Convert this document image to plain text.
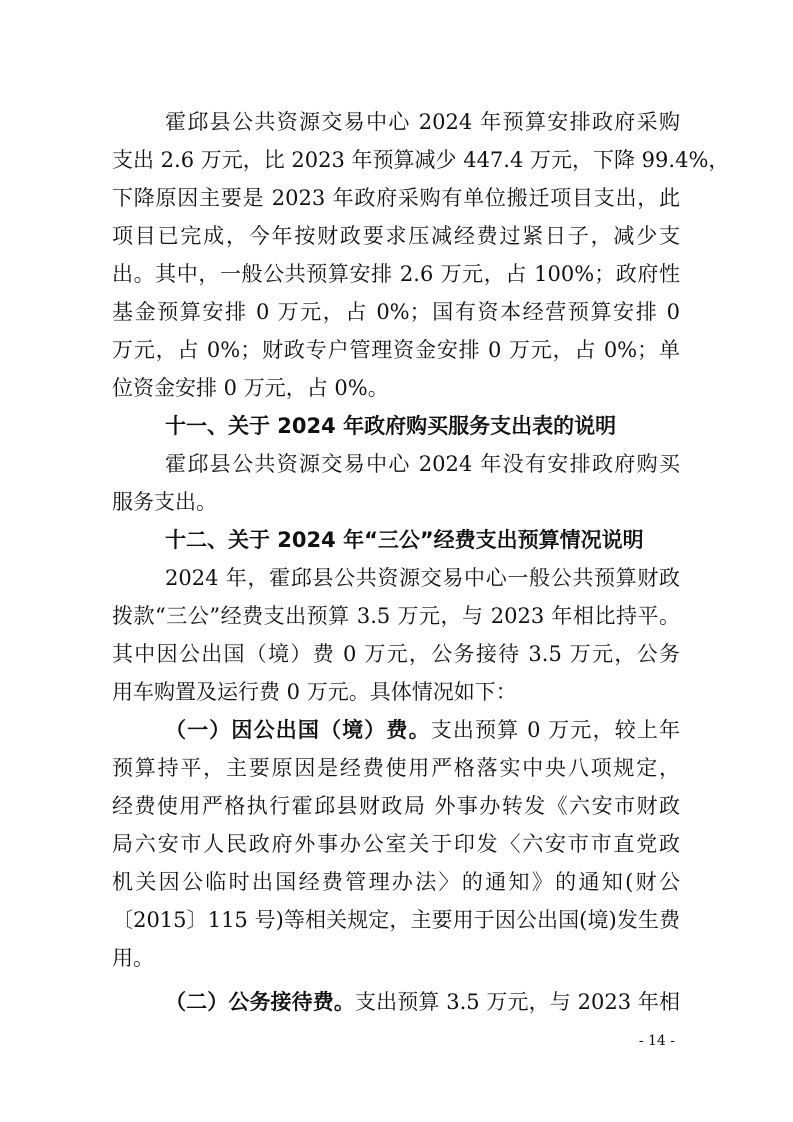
霍邱县公共资源交易中心 2024 年预算安排政府采购
支出 2.6 万元，比 2023 年预算减少 447.4 万元，下降 99.4%，
下降原因主要是 2023 年政府采购有单位搬迁项目支出，此
项目已完成，今年按财政要求压减经费过紧日子，减少支
出。其中，一般公共预算安排 2.6 万元，占 100%；政府性
基金预算安排 0 万元，占 0%；国有资本经营预算安排 0
万元，占 0%；财政专户管理资金安排 0 万元，占 0%；单
位资金安排 0 万元，占 0%。
十一、关于 2024 年政府购买服务支出表的说明
霍邱县公共资源交易中心 2024 年没有安排政府购买
服务支出。
十二、关于 2024 年“三公”经费支出预算情况说明
2024 年，霍邱县公共资源交易中心一般公共预算财政
拨款“三公”经费支出预算 3.5 万元，与 2023 年相比持平。
其中因公出国（境）费 0 万元，公务接待 3.5 万元，公务
用车购置及运行费 0 万元。具体情况如下：
（一）因公出国（境）费。支出预算 0 万元，较上年
预算持平，主要原因是经费使用严格落实中央八项规定，
经费使用严格执行霍邱县财政局 外事办转发《六安市财政
局六安市人民政府外事办公室关于印发〈六安市市直党政
机关因公临时出国经费管理办法〉的通知》的通知(财公
〔2015〕115 号)等相关规定，主要用于因公出国(境)发生费
用。
（二）公务接待费。支出预算 3.5 万元，与 2023 年相
- 14 -
